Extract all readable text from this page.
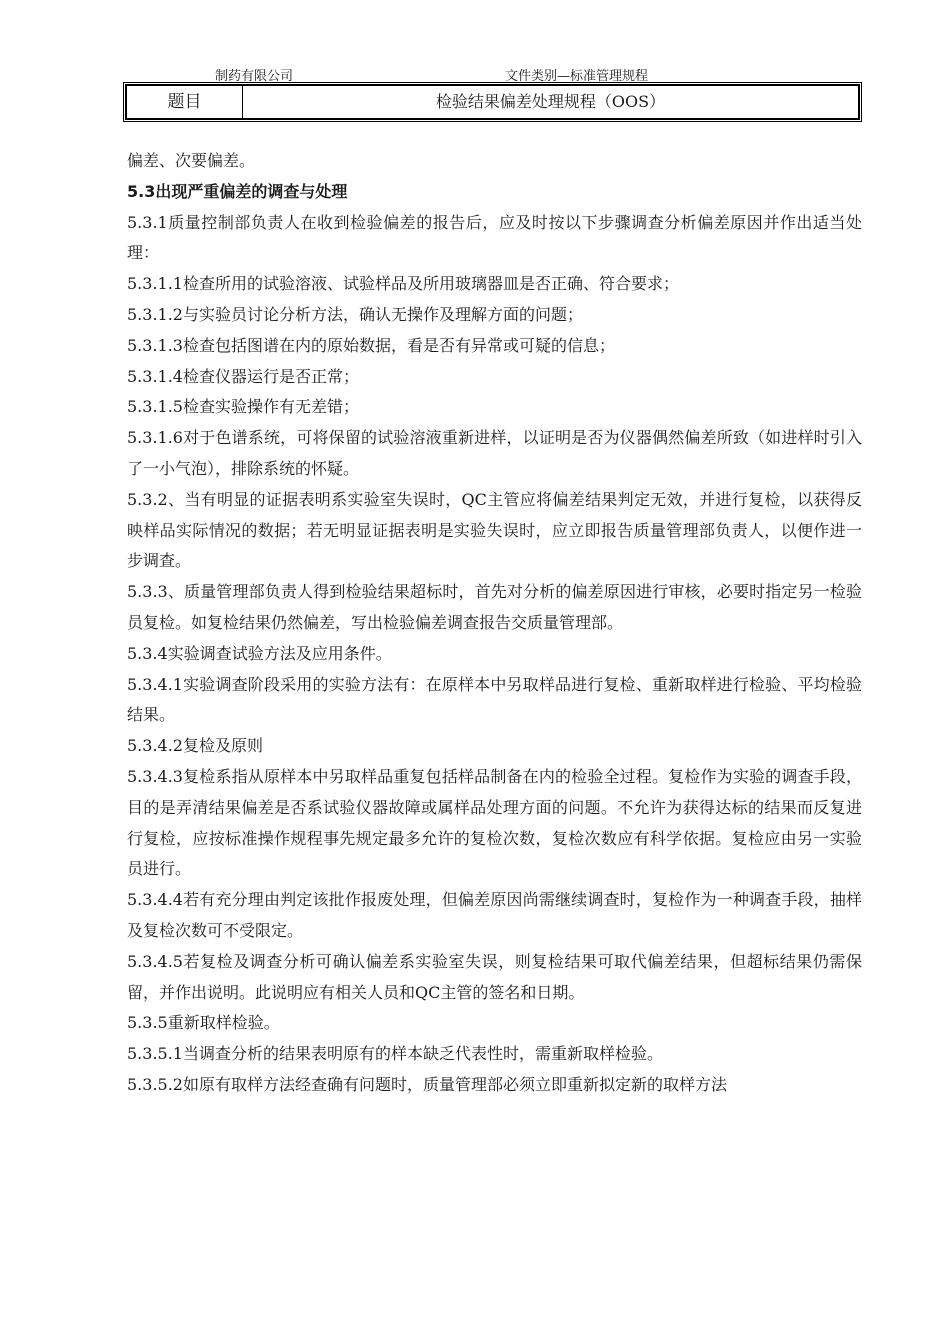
制药有限公司	文件类别—标准管理规程
题目	检验结果偏差处理规程（OOS）

偏差、次要偏差。

5.3出现严重偏差的调查与处理

5.3.1质量控制部负责人在收到检验偏差的报告后，应及时按以下步骤调查分析偏差原因并作出适当处理：

5.3.1.1检查所用的试验溶液、试验样品及所用玻璃器皿是否正确、符合要求；

5.3.1.2与实验员讨论分析方法，确认无操作及理解方面的问题；

5.3.1.3检查包括图谱在内的原始数据，看是否有异常或可疑的信息；

5.3.1.4检查仪器运行是否正常；

5.3.1.5检查实验操作有无差错；

5.3.1.6对于色谱系统，可将保留的试验溶液重新进样，以证明是否为仪器偶然偏差所致（如进样时引入了一小气泡），排除系统的怀疑。

5.3.2、当有明显的证据表明系实验室失误时，QC主管应将偏差结果判定无效，并进行复检，以获得反映样品实际情况的数据；若无明显证据表明是实验失误时，应立即报告质量管理部负责人，以便作进一步调查。

5.3.3、质量管理部负责人得到检验结果超标时，首先对分析的偏差原因进行审核，必要时指定另一检验员复检。如复检结果仍然偏差，写出检验偏差调查报告交质量管理部。

5.3.4实验调查试验方法及应用条件。

5.3.4.1实验调查阶段采用的实验方法有：在原样本中另取样品进行复检、重新取样进行检验、平均检验结果。

5.3.4.2复检及原则

5.3.4.3复检系指从原样本中另取样品重复包括样品制备在内的检验全过程。复检作为实验的调查手段，目的是弄清结果偏差是否系试验仪器故障或属样品处理方面的问题。不允许为获得达标的结果而反复进行复检，应按标准操作规程事先规定最多允许的复检次数，复检次数应有科学依据。复检应由另一实验员进行。

5.3.4.4若有充分理由判定该批作报废处理，但偏差原因尚需继续调查时，复检作为一种调查手段，抽样及复检次数可不受限定。

5.3.4.5若复检及调查分析可确认偏差系实验室失误，则复检结果可取代偏差结果，但超标结果仍需保留，并作出说明。此说明应有相关人员和QC主管的签名和日期。

5.3.5重新取样检验。

5.3.5.1当调查分析的结果表明原有的样本缺乏代表性时，需重新取样检验。

5.3.5.2如原有取样方法经查确有问题时，质量管理部必须立即重新拟定新的取样方法
